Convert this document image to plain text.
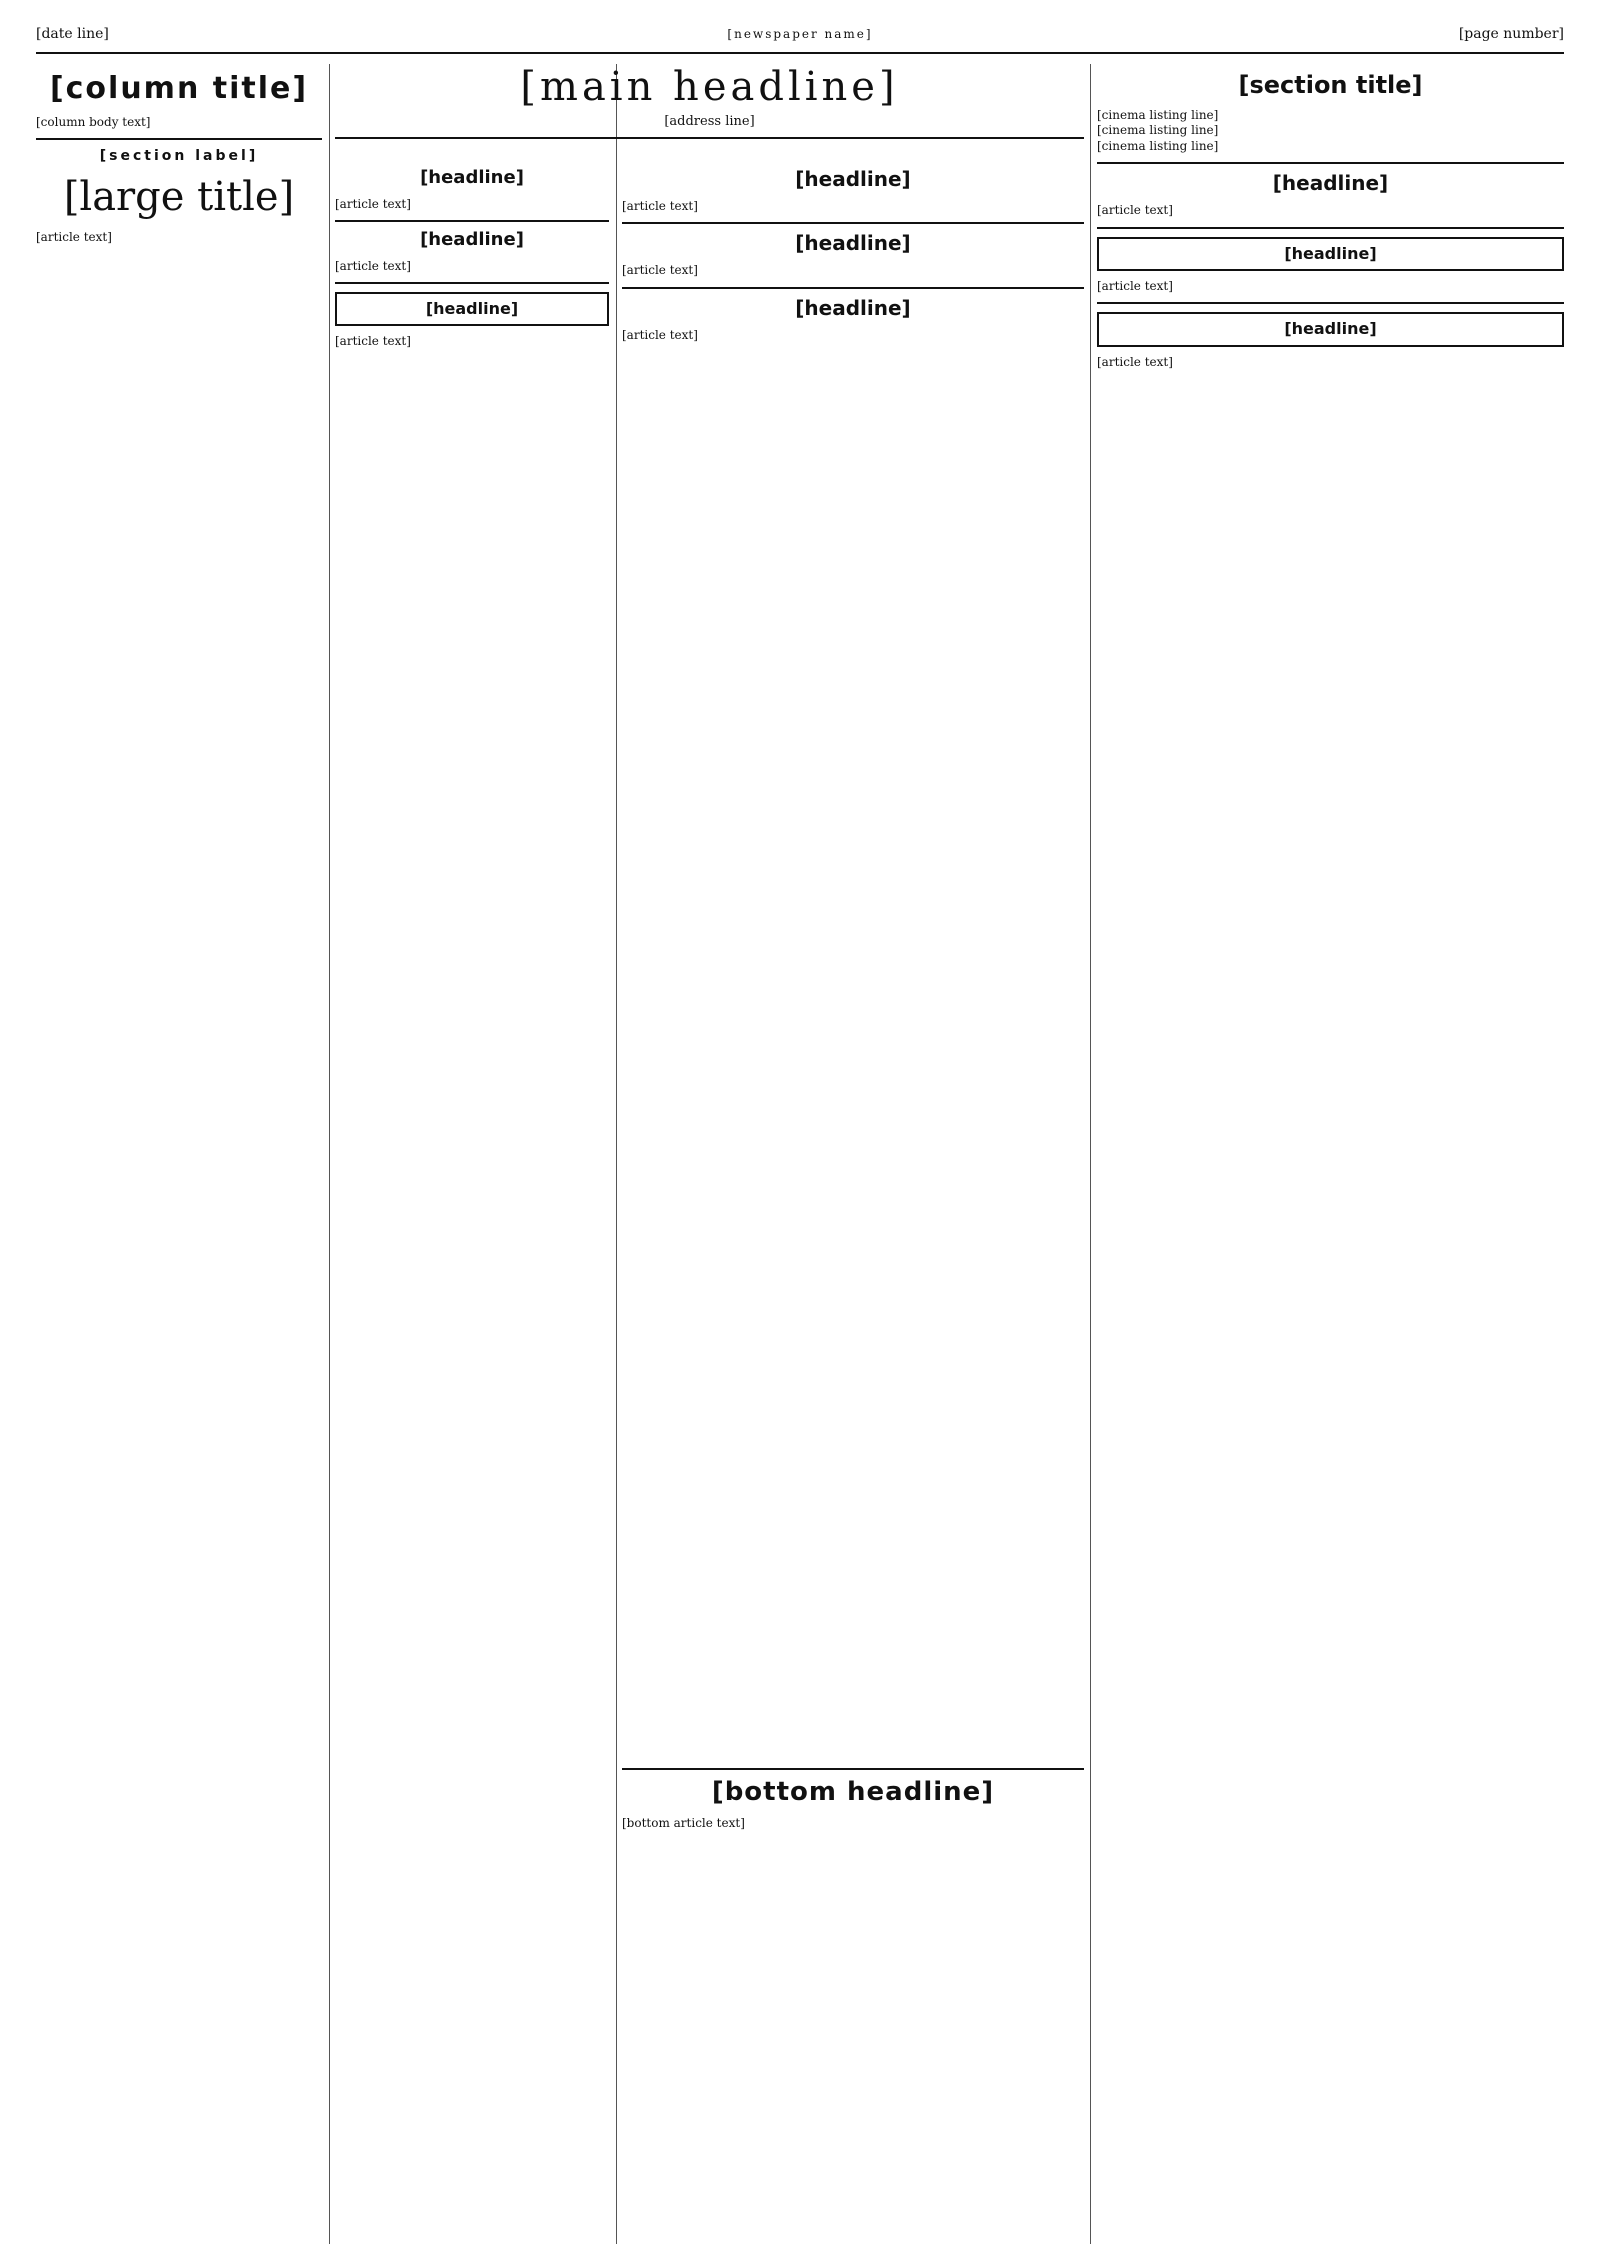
[date line]	[newspaper name]	[page number]
[column title]

[column body text]

[section label]
[large title]

[article text]

[main headline]
[address line]
[headline]

[article text]

[headline]

[article text]

[headline]

[article text]

[headline]

[article text]

[headline]

[article text]

[headline]

[article text]

[section title]
[cinema listing line]
[cinema listing line]
[cinema listing line]
[headline]

[article text]

[headline]

[article text]

[headline]

[article text]

[bottom headline]

[bottom article text]
